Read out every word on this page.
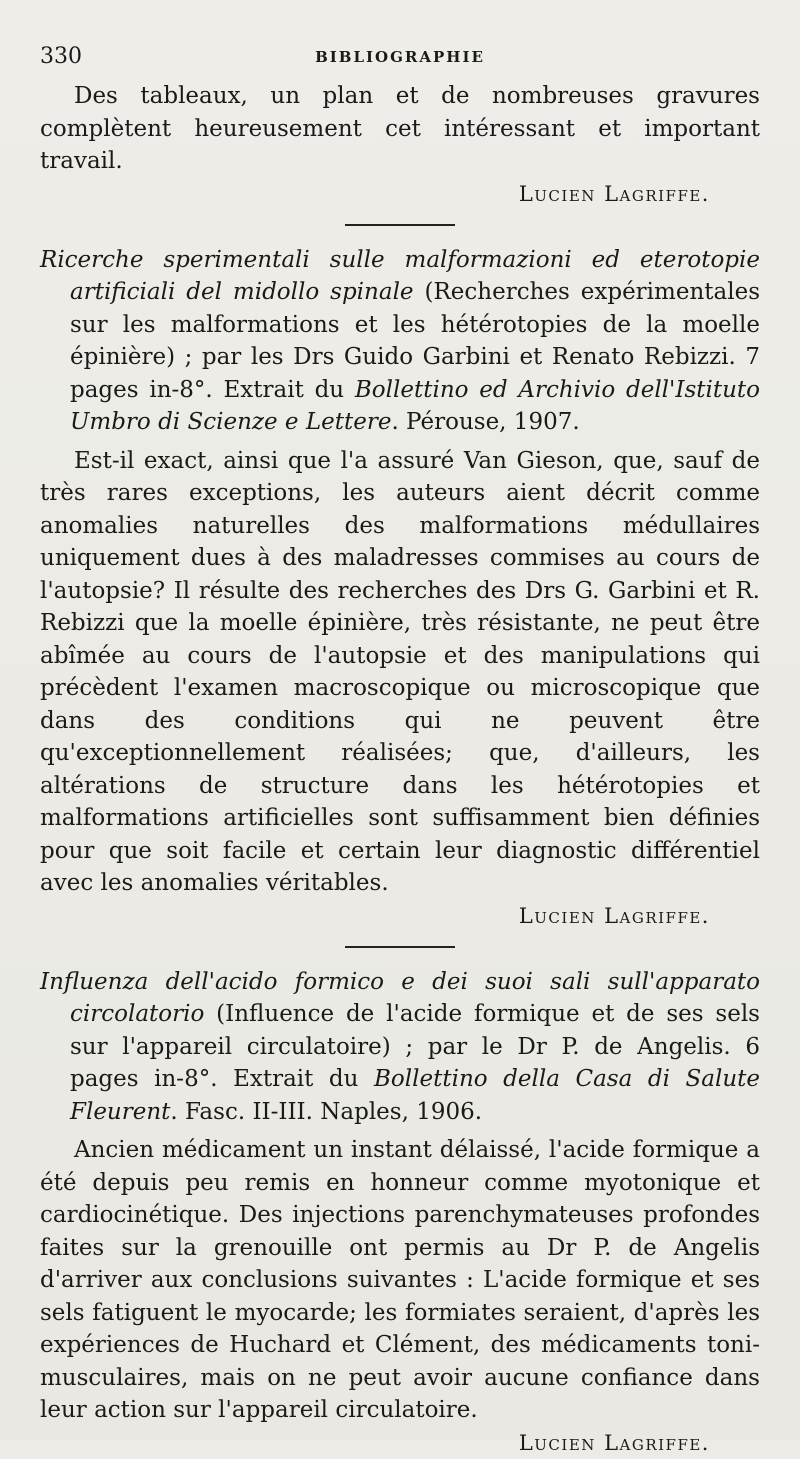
330	BIBLIOGRAPHIE

Des tableaux, un plan et de nombreuses gravures complètent heureusement cet intéressant et important travail.

Lucien Lagriffe.

Ricerche sperimentali sulle malformazioni ed eterotopie artificiali del midollo spinale (Recherches expérimentales sur les malformations et les hétérotopies de la moelle épinière) ; par les Drs Guido Garbini et Renato Rebizzi. 7 pages in-8°. Extrait du Bollettino ed Archivio dell'Istituto Umbro di Scienze e Lettere. Pérouse, 1907.

Est-il exact, ainsi que l'a assuré Van Gieson, que, sauf de très rares exceptions, les auteurs aient décrit comme anomalies naturelles des malformations médullaires uniquement dues à des maladresses commises au cours de l'autopsie? Il résulte des recherches des Drs G. Garbini et R. Rebizzi que la moelle épinière, très résistante, ne peut être abîmée au cours de l'autopsie et des manipulations qui précèdent l'examen macroscopique ou microscopique que dans des conditions qui ne peuvent être qu'exceptionnellement réalisées; que, d'ailleurs, les altérations de structure dans les hétérotopies et malformations artificielles sont suffisamment bien définies pour que soit facile et certain leur diagnostic différentiel avec les anomalies véritables.

Lucien Lagriffe.

Influenza dell'acido formico e dei suoi sali sull'apparato circolatorio (Influence de l'acide formique et de ses sels sur l'appareil circulatoire) ; par le Dr P. de Angelis. 6 pages in-8°. Extrait du Bollettino della Casa di Salute Fleurent. Fasc. II-III. Naples, 1906.

Ancien médicament un instant délaissé, l'acide formique a été depuis peu remis en honneur comme myotonique et cardiocinétique. Des injections parenchymateuses profondes faites sur la grenouille ont permis au Dr P. de Angelis d'arriver aux conclusions suivantes : L'acide formique et ses sels fatiguent le myocarde; les formiates seraient, d'après les expériences de Huchard et Clément, des médicaments toni-musculaires, mais on ne peut avoir aucune confiance dans leur action sur l'appareil circulatoire.

Lucien Lagriffe.
